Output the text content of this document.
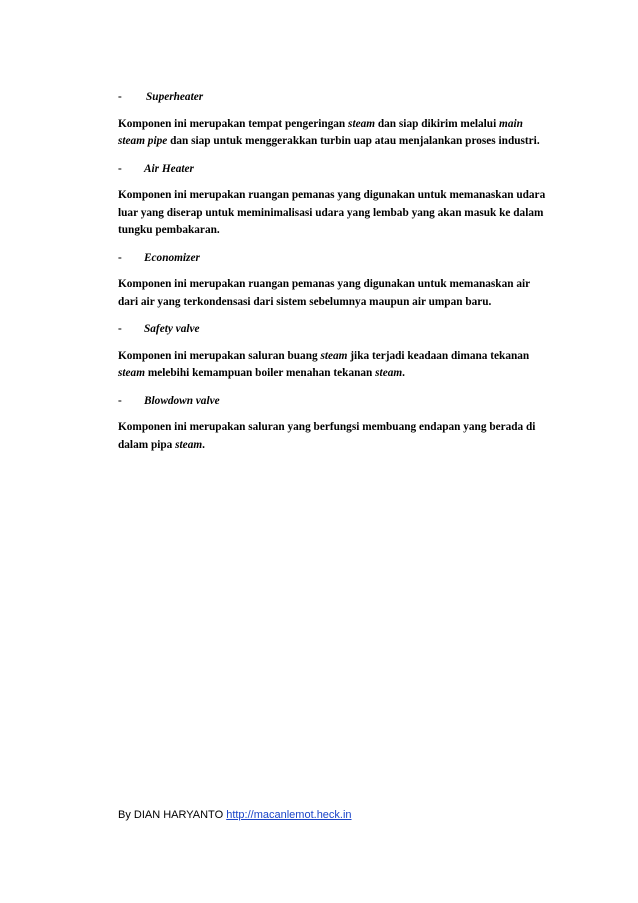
-	Superheater
Komponen ini merupakan tempat pengeringan steam dan siap dikirim melalui main steam pipe dan siap untuk menggerakkan turbin uap atau menjalankan proses industri.
-	Air Heater
Komponen ini merupakan ruangan pemanas yang digunakan untuk memanaskan udara luar yang diserap untuk meminimalisasi udara yang lembab yang akan masuk ke dalam tungku pembakaran.
-	Economizer
Komponen ini merupakan ruangan pemanas yang digunakan untuk memanaskan air dari air yang terkondensasi dari sistem sebelumnya maupun air umpan baru.
-	Safety valve
Komponen ini merupakan saluran buang steam jika terjadi keadaan dimana tekanan steam melebihi kemampuan boiler menahan tekanan steam.
-	Blowdown valve
Komponen ini merupakan saluran yang berfungsi membuang endapan yang berada di dalam pipa steam.
By DIAN HARYANTO http://macanlemot.heck.in
